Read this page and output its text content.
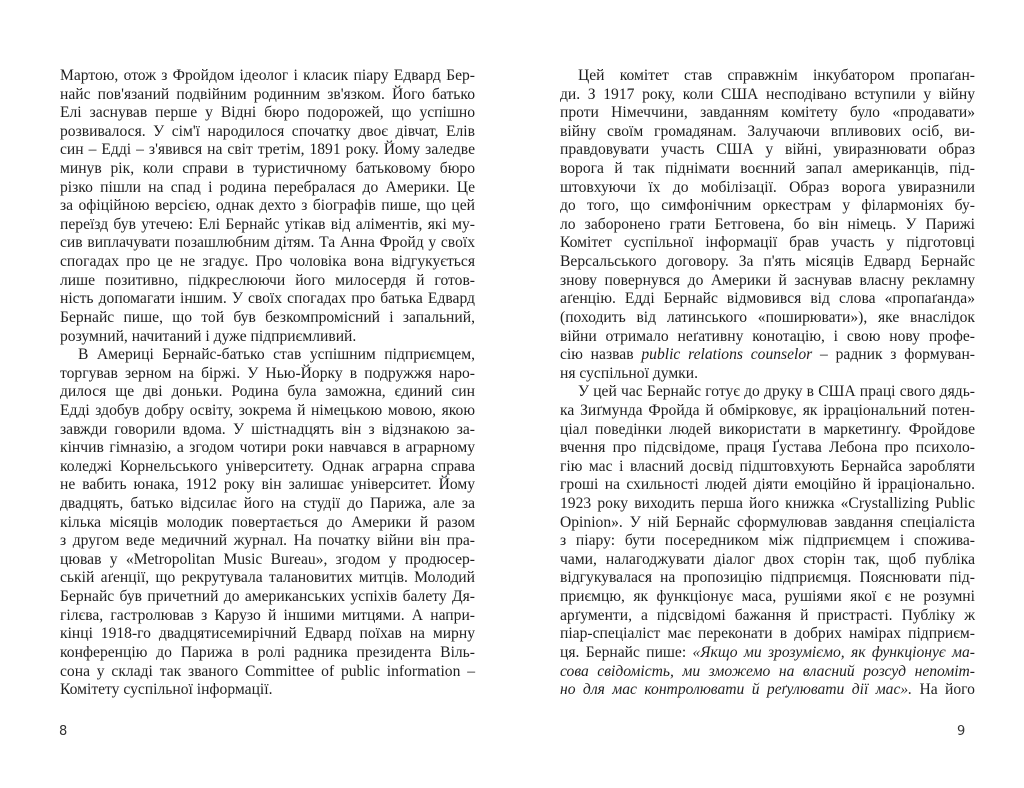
Мартою, отож з Фройдом ідеолог і класик піару Едвард Бер-
найс пов'язаний подвійним родинним зв'язком. Його батько
Елі заснував перше у Відні бюро подорожей, що успішно
розвивалося. У сім'ї народилося спочатку двоє дівчат, Елів
син – Едді – з'явився на світ третім, 1891 року. Йому заледве
минув рік, коли справи в туристичному батьковому бюро
різко пішли на спад і родина перебралася до Америки. Це
за офіційною версією, однак дехто з біографів пише, що цей
переїзд був утечею: Елі Бернайс утікав від аліментів, які му-
сив виплачувати позашлюбним дітям. Та Анна Фройд у своїх
спогадах про це не згадує. Про чоловіка вона відгукується
лише позитивно, підкреслюючи його милосердя й готов-
ність допомагати іншим. У своїх спогадах про батька Едвард
Бернайс пише, що той був безкомпромісний і запальний,
розумний, начитаний і дуже підприємливий.
В Америці Бернайс-батько став успішним підприємцем,
торгував зерном на біржі. У Нью-Йорку в подружжя наро-
дилося ще дві доньки. Родина була заможна, єдиний син
Едді здобув добру освіту, зокрема й німецькою мовою, якою
завжди говорили вдома. У шістнадцять він з відзнакою за-
кінчив гімназію, а згодом чотири роки навчався в аграрному
коледжі Корнельського університету. Однак аграрна справа
не вабить юнака, 1912 року він залишає університет. Йому
двадцять, батько відсилає його на студії до Парижа, але за
кілька місяців молодик повертається до Америки й разом
з другом веде медичний журнал. На початку війни він пра-
цював у «Metropolitan Music Bureau», згодом у продюсер-
ській аґенції, що рекрутувала талановитих митців. Молодий
Бернайс був причетний до американських успіхів балету Дя-
гілєва, гастролював з Карузо й іншими митцями. А напри-
кінці 1918-го двадцятисемирічний Едвард поїхав на мирну
конференцію до Парижа в ролі радника президента Віль-
сона у складі так званого Committee of public information –
Комітету суспільної інформації.
Цей комітет став справжнім інкубатором пропаґан-
ди. З 1917 року, коли США несподівано вступили у війну
проти Німеччини, завданням комітету було «продавати»
війну своїм громадянам. Залучаючи впливових осіб, ви-
правдовувати участь США у війні, увиразнювати образ
ворога й так піднімати воєнний запал американців, під-
штовхуючи їх до мобілізації. Образ ворога увиразнили
до того, що симфонічним оркестрам у філармоніях бу-
ло заборонено грати Бетговена, бо він німець. У Парижі
Комітет суспільної інформації брав участь у підготовці
Версальського договору. За п'ять місяців Едвард Бернайс
знову повернувся до Америки й заснував власну рекламну
аґенцію. Едді Бернайс відмовився від слова «пропаґанда»
(походить від латинського «поширювати»), яке внаслідок
війни отримало неґативну конотацію, і свою нову профе-
сію назвав public relations counselor – радник з формуван-
ня суспільної думки.
У цей час Бернайс готує до друку в США праці свого дядь-
ка Зиґмунда Фройда й обмірковує, як ірраціональний потен-
ціал поведінки людей використати в маркетинґу. Фройдове
вчення про підсвідоме, праця Ґустава Лебона про психоло-
гію мас і власний досвід підштовхують Бернайса заробляти
гроші на схильності людей діяти емоційно й ірраціонально.
1923 року виходить перша його книжка «Crystallizing Public
Opinion». У ній Бернайс сформулював завдання спеціаліста
з піару: бути посередником між підприємцем і спожива-
чами, налагоджувати діалог двох сторін так, щоб публіка
відгукувалася на пропозицію підприємця. Пояснювати під-
приємцю, як функціонує маса, рушіями якої є не розумні
арґументи, а підсвідомі бажання й пристрасті. Публіку ж
піар-спеціаліст має переконати в добрих намірах підприєм-
ця. Бернайс пише: «Якщо ми зрозуміємо, як функціонує ма-
сова свідомість, ми зможемо на власний розсуд непоміт-
но для мас контролювати й реґулювати дії мас». На його
8	9
